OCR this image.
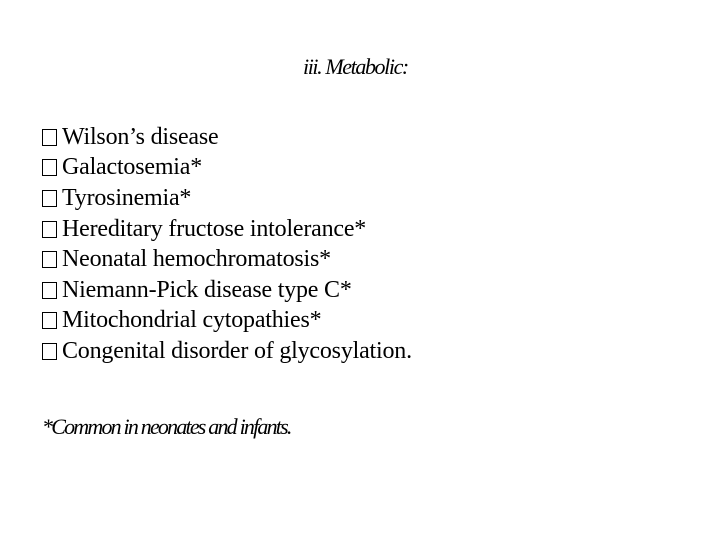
iii. Metabolic:
Wilson’s disease
Galactosemia*
Tyrosinemia*
Hereditary fructose intolerance*
Neonatal hemochromatosis*
Niemann-Pick disease type C*
Mitochondrial cytopathies*
Congenital disorder of glycosylation.
*Common in neonates and infants.
